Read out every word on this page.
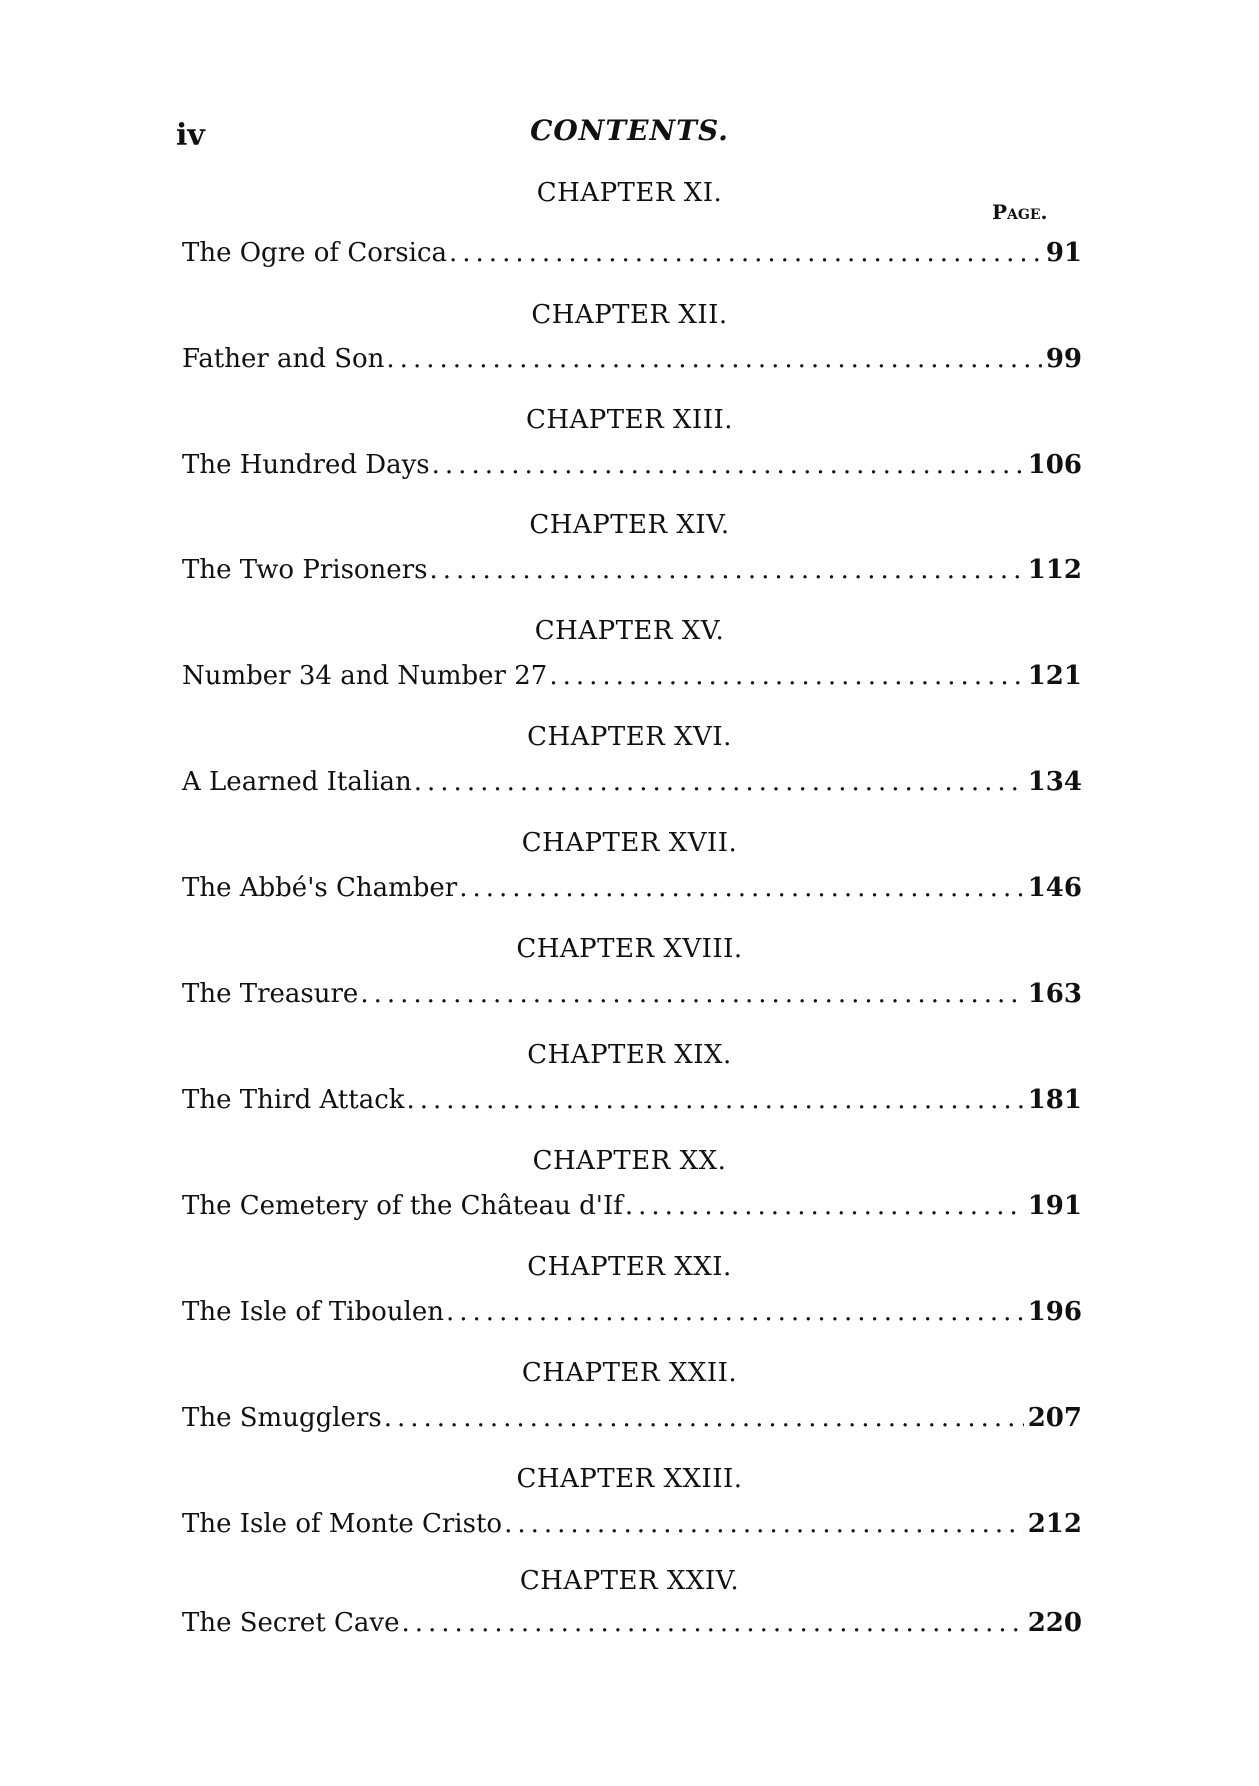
iv	CONTENTS.
Page.
CHAPTER XI.
The Ogre of Corsica .....	91
CHAPTER XII.
Father and Son .....	99
CHAPTER XIII.
The Hundred Days .....	106
CHAPTER XIV.
The Two Prisoners .....	112
CHAPTER XV.
Number 34 and Number 27 .....	121
CHAPTER XVI.
A Learned Italian .....	134
CHAPTER XVII.
The Abbé's Chamber .....	146
CHAPTER XVIII.
The Treasure .....	163
CHAPTER XIX.
The Third Attack .....	181
CHAPTER XX.
The Cemetery of the Château d'If .....	191
CHAPTER XXI.
The Isle of Tiboulen .....	196
CHAPTER XXII.
The Smugglers .....	207
CHAPTER XXIII.
The Isle of Monte Cristo .....	212
CHAPTER XXIV.
The Secret Cave .....	220
